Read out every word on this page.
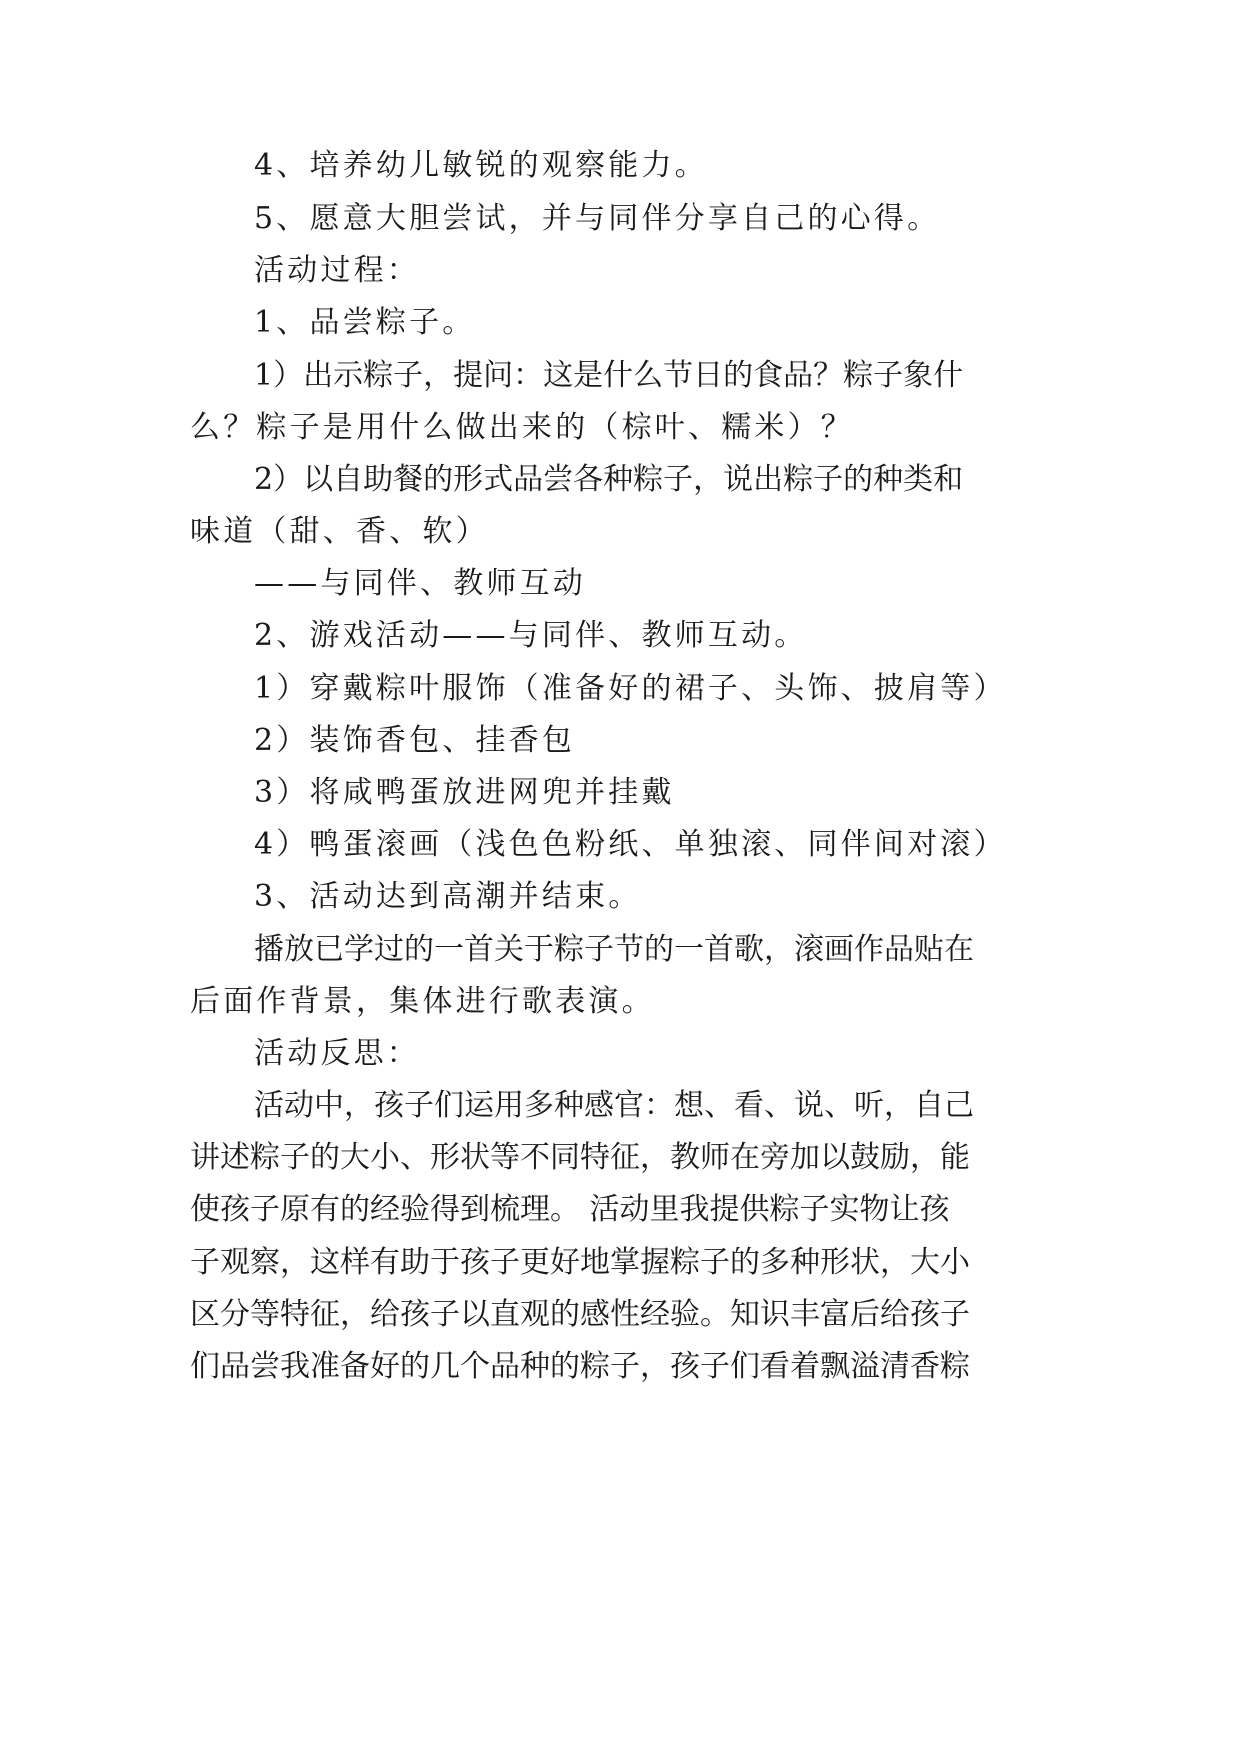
4、培养幼儿敏锐的观察能力。
5、愿意大胆尝试，并与同伴分享自己的心得。
活动过程：
1、品尝粽子。
1）出示粽子，提问：这是什么节日的食品？粽子象什
么？粽子是用什么做出来的（棕叶、糯米）？
2）以自助餐的形式品尝各种粽子，说出粽子的种类和
味道（甜、香、软）
——与同伴、教师互动
2、游戏活动——与同伴、教师互动。
1）穿戴粽叶服饰（准备好的裙子、头饰、披肩等）
2）装饰香包、挂香包
3）将咸鸭蛋放进网兜并挂戴
4）鸭蛋滚画（浅色色粉纸、单独滚、同伴间对滚）
3、活动达到高潮并结束。
播放已学过的一首关于粽子节的一首歌，滚画作品贴在
后面作背景，集体进行歌表演。
活动反思：
活动中，孩子们运用多种感官：想、看、说、听，自己
讲述粽子的大小、形状等不同特征，教师在旁加以鼓励，能
使孩子原有的经验得到梳理。 活动里我提供粽子实物让孩
子观察，这样有助于孩子更好地掌握粽子的多种形状，大小
区分等特征，给孩子以直观的感性经验。知识丰富后给孩子
们品尝我准备好的几个品种的粽子，孩子们看着飘溢清香粽
